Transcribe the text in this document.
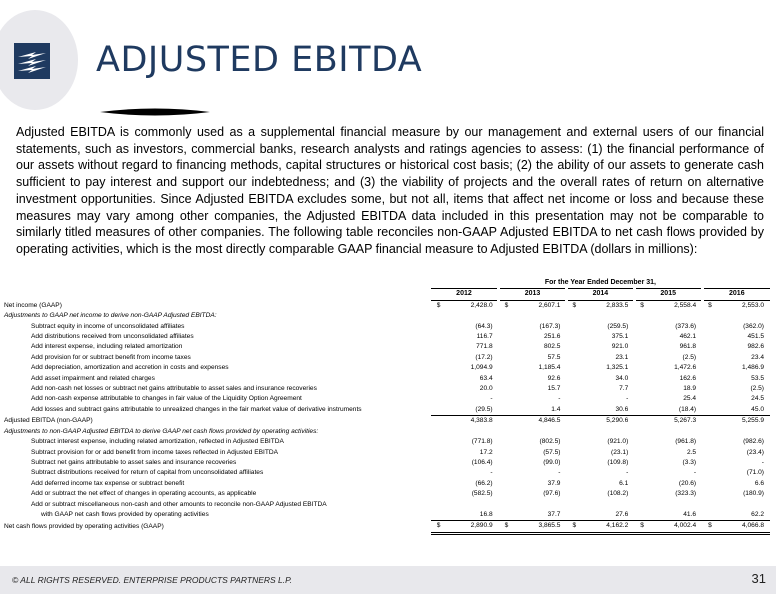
ADJUSTED EBITDA
Adjusted EBITDA is commonly used as a supplemental financial measure by our management and external users of our financial statements, such as investors, commercial banks, research analysts and ratings agencies to assess: (1) the financial performance of our assets without regard to financing methods, capital structures or historical cost basis; (2) the ability of our assets to generate cash sufficient to pay interest and support our indebtedness; and (3) the viability of projects and the overall rates of return on alternative investment opportunities. Since Adjusted EBITDA excludes some, but not all, items that affect net income or loss and because these measures may vary among other companies, the Adjusted EBITDA data included in this presentation may not be comparable to similarly titled measures of other companies. The following table reconciles non-GAAP Adjusted EBITDA to net cash flows provided by operating activities, which is the most directly comparable GAAP financial measure to Adjusted EBITDA (dollars in millions):
	For the Year Ended December 31,									
	2012		2013		2014		2015		2016	
Net income (GAAP)	$	2,428.0	$	2,607.1	$	2,833.5	$	2,558.4	$	2,553.0
Adjustments to GAAP net income to derive non-GAAP Adjusted EBITDA:										
Subtract equity in income of unconsolidated affiliates		(64.3)		(167.3)		(259.5)		(373.6)		(362.0)
Add distributions received from unconsolidated affiliates		116.7		251.6		375.1		462.1		451.5
Add interest expense, including related amortization		771.8		802.5		921.0		961.8		982.6
Add provision for or subtract benefit from income taxes		(17.2)		57.5		23.1		(2.5)		23.4
Add depreciation, amortization and accretion in costs and expenses		1,094.9		1,185.4		1,325.1		1,472.6		1,486.9
Add asset impairment and related charges		63.4		92.6		34.0		162.6		53.5
Add non-cash net losses or subtract net gains attributable to asset sales and insurance recoveries		20.0		15.7		7.7		18.9		(2.5)
Add non-cash expense attributable to changes in fair value of the Liquidity Option Agreement		-		-		-		25.4		24.5
Add losses and subtract gains attributable to unrealized changes in the fair market value of derivative instruments		(29.5)		1.4		30.6		(18.4)		45.0
Adjusted EBITDA (non-GAAP)		4,383.8		4,846.5		5,290.6		5,267.3		5,255.9
Adjustments to non-GAAP Adjusted EBITDA to derive GAAP net cash flows provided by operating activities:										
Subtract interest expense, including related amortization, reflected in Adjusted EBITDA		(771.8)		(802.5)		(921.0)		(961.8)		(982.6)
Subtract provision for or add benefit from income taxes reflected in Adjusted EBITDA		17.2		(57.5)		(23.1)		2.5		(23.4)
Subtract net gains attributable to asset sales and insurance recoveries		(106.4)		(99.0)		(109.8)		(3.3)		-
Subtract distributions received for return of capital from unconsolidated affiliates		-		-		-		-		(71.0)
Add deferred income tax expense or subtract benefit		(66.2)		37.9		6.1		(20.6)		6.6
Add or subtract the net effect of changes in operating accounts, as applicable		(582.5)		(97.6)		(108.2)		(323.3)		(180.9)
Add or subtract miscellaneous non-cash and other amounts to reconcile non-GAAP Adjusted EBITDA										
with GAAP net cash flows provided by operating activities		16.8		37.7		27.6		41.6		62.2
Net cash flows provided by operating activities (GAAP)	$	2,890.9	$	3,865.5	$	4,162.2	$	4,002.4	$	4,066.8
© ALL RIGHTS RESERVED. ENTERPRISE PRODUCTS PARTNERS L.P.	31
